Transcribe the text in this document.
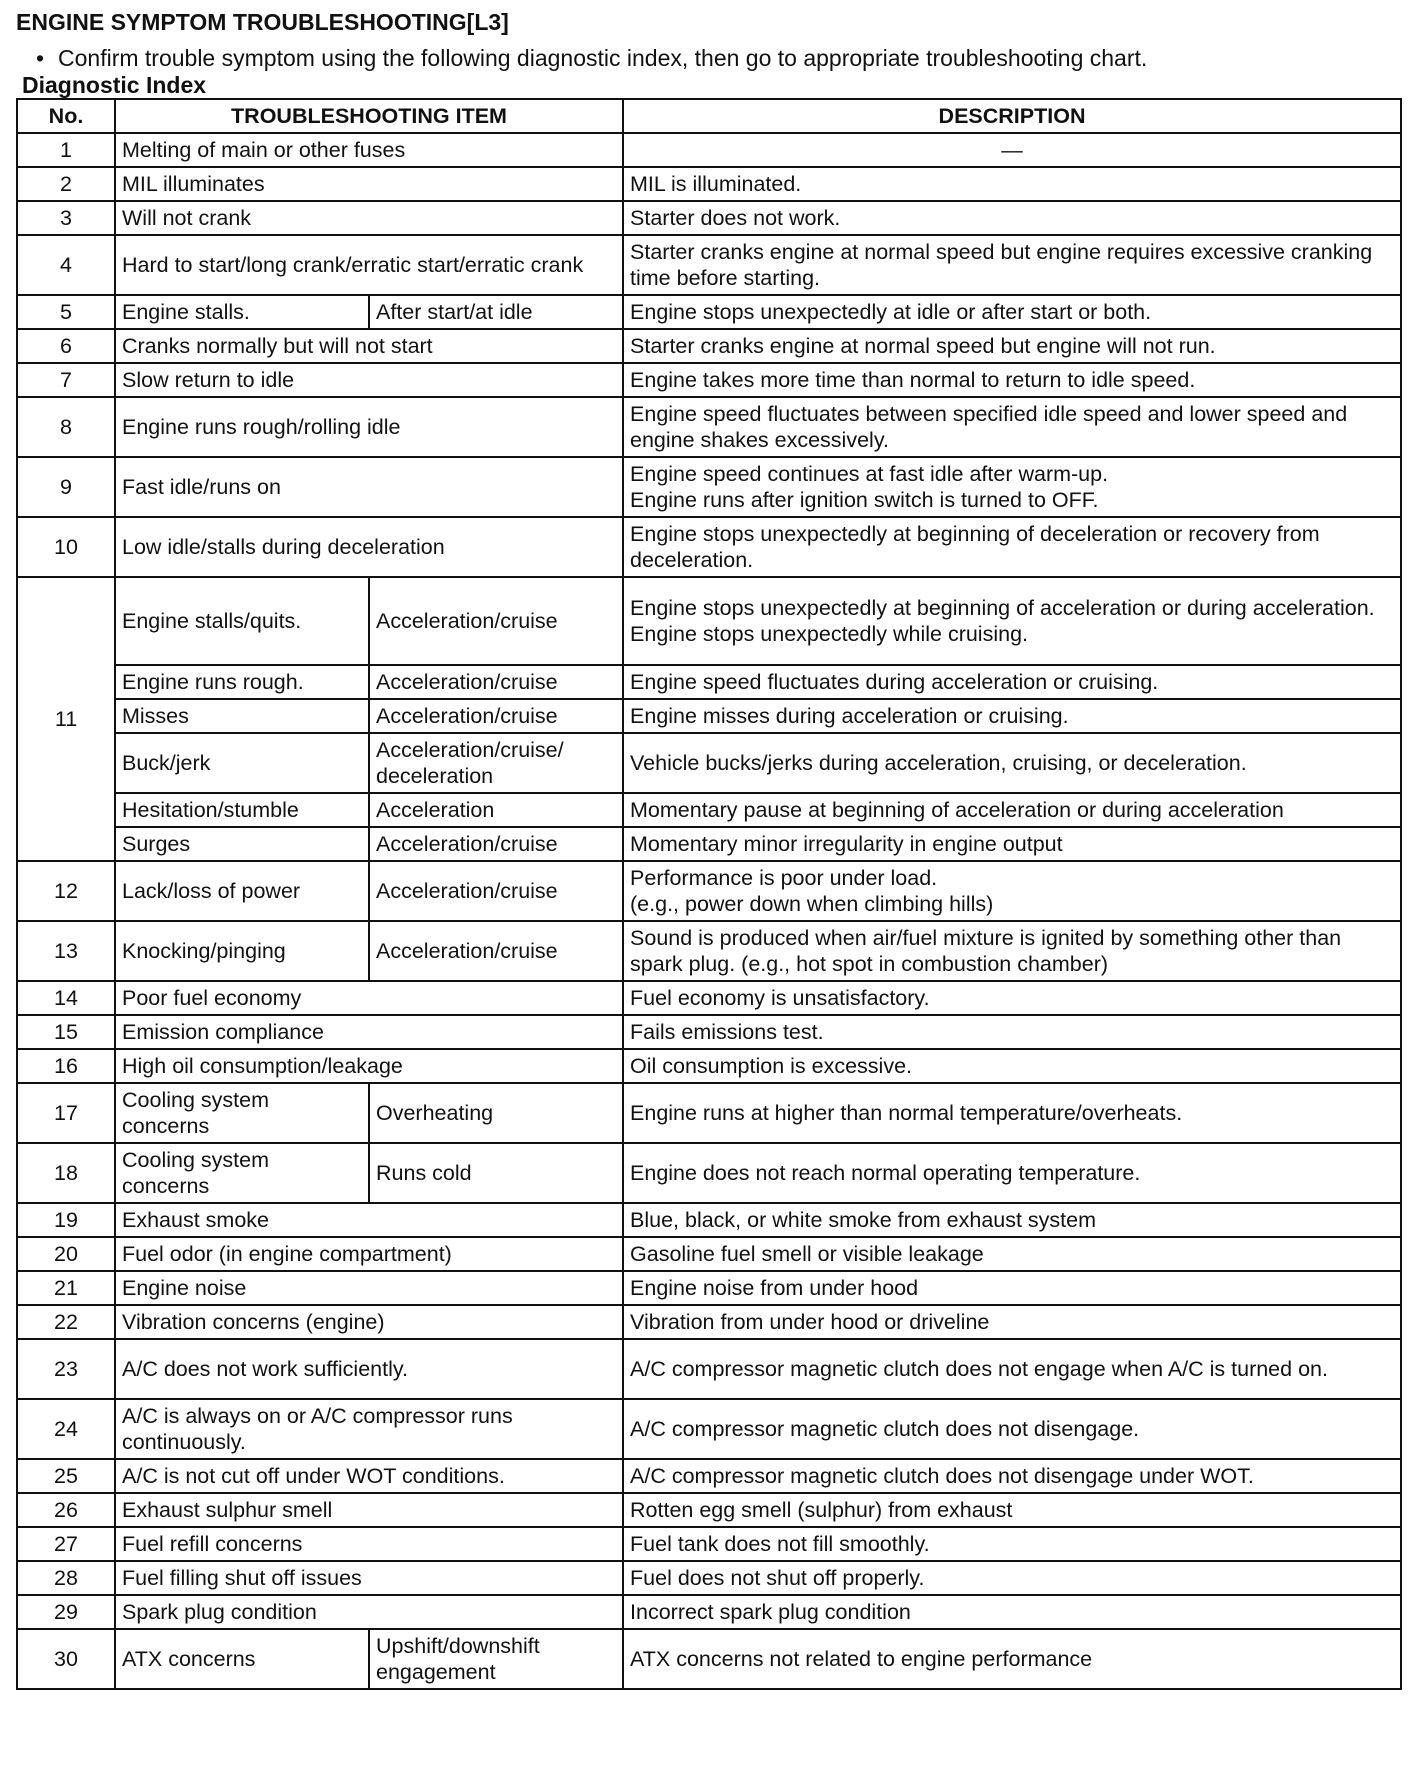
ENGINE SYMPTOM TROUBLESHOOTING[L3]
• Confirm trouble symptom using the following diagnostic index, then go to appropriate troubleshooting chart.
Diagnostic Index
No.	TROUBLESHOOTING ITEM		DESCRIPTION
1	Melting of main or other fuses		—
2	MIL illuminates		MIL is illuminated.
3	Will not crank		Starter does not work.
4	Hard to start/long crank/erratic start/erratic crank		Starter cranks engine at normal speed but engine requires excessive cranking time before starting.
5	Engine stalls.	After start/at idle	Engine stops unexpectedly at idle or after start or both.
6	Cranks normally but will not start		Starter cranks engine at normal speed but engine will not run.
7	Slow return to idle		Engine takes more time than normal to return to idle speed.
8	Engine runs rough/rolling idle		Engine speed fluctuates between specified idle speed and lower speed and engine shakes excessively.
9	Fast idle/runs on		Engine speed continues at fast idle after warm-up.
Engine runs after ignition switch is turned to OFF.

10	Low idle/stalls during deceleration		Engine stops unexpectedly at beginning of deceleration or recovery from deceleration.
11	Engine stalls/quits.	Acceleration/cruise	Engine stops unexpectedly at beginning of acceleration or during acceleration.
Engine stops unexpectedly while cruising.

	Engine runs rough.	Acceleration/cruise	Engine speed fluctuates during acceleration or cruising.
	Misses	Acceleration/cruise	Engine misses during acceleration or cruising.
	Buck/jerk	Acceleration/cruise/ deceleration	Vehicle bucks/jerks during acceleration, cruising, or deceleration.
	Hesitation/stumble	Acceleration	Momentary pause at beginning of acceleration or during acceleration
	Surges	Acceleration/cruise	Momentary minor irregularity in engine output
12	Lack/loss of power	Acceleration/cruise	Performance is poor under load.
(e.g., power down when climbing hills)

13	Knocking/pinging	Acceleration/cruise	Sound is produced when air/fuel mixture is ignited by something other than spark plug. (e.g., hot spot in combustion chamber)
14	Poor fuel economy		Fuel economy is unsatisfactory.
15	Emission compliance		Fails emissions test.
16	High oil consumption/leakage		Oil consumption is excessive.
17	Cooling system concerns	Overheating	Engine runs at higher than normal temperature/overheats.
18	Cooling system concerns	Runs cold	Engine does not reach normal operating temperature.
19	Exhaust smoke		Blue, black, or white smoke from exhaust system
20	Fuel odor (in engine compartment)		Gasoline fuel smell or visible leakage
21	Engine noise		Engine noise from under hood
22	Vibration concerns (engine)		Vibration from under hood or driveline
23	A/C does not work sufficiently.		A/C compressor magnetic clutch does not engage when A/C is turned on.
24	A/C is always on or A/C compressor runs continuously.		A/C compressor magnetic clutch does not disengage.
25	A/C is not cut off under WOT conditions.		A/C compressor magnetic clutch does not disengage under WOT.
26	Exhaust sulphur smell		Rotten egg smell (sulphur) from exhaust
27	Fuel refill concerns		Fuel tank does not fill smoothly.
28	Fuel filling shut off issues		Fuel does not shut off properly.
29	Spark plug condition		Incorrect spark plug condition
30	ATX concerns	Upshift/downshift engagement	ATX concerns not related to engine performance
